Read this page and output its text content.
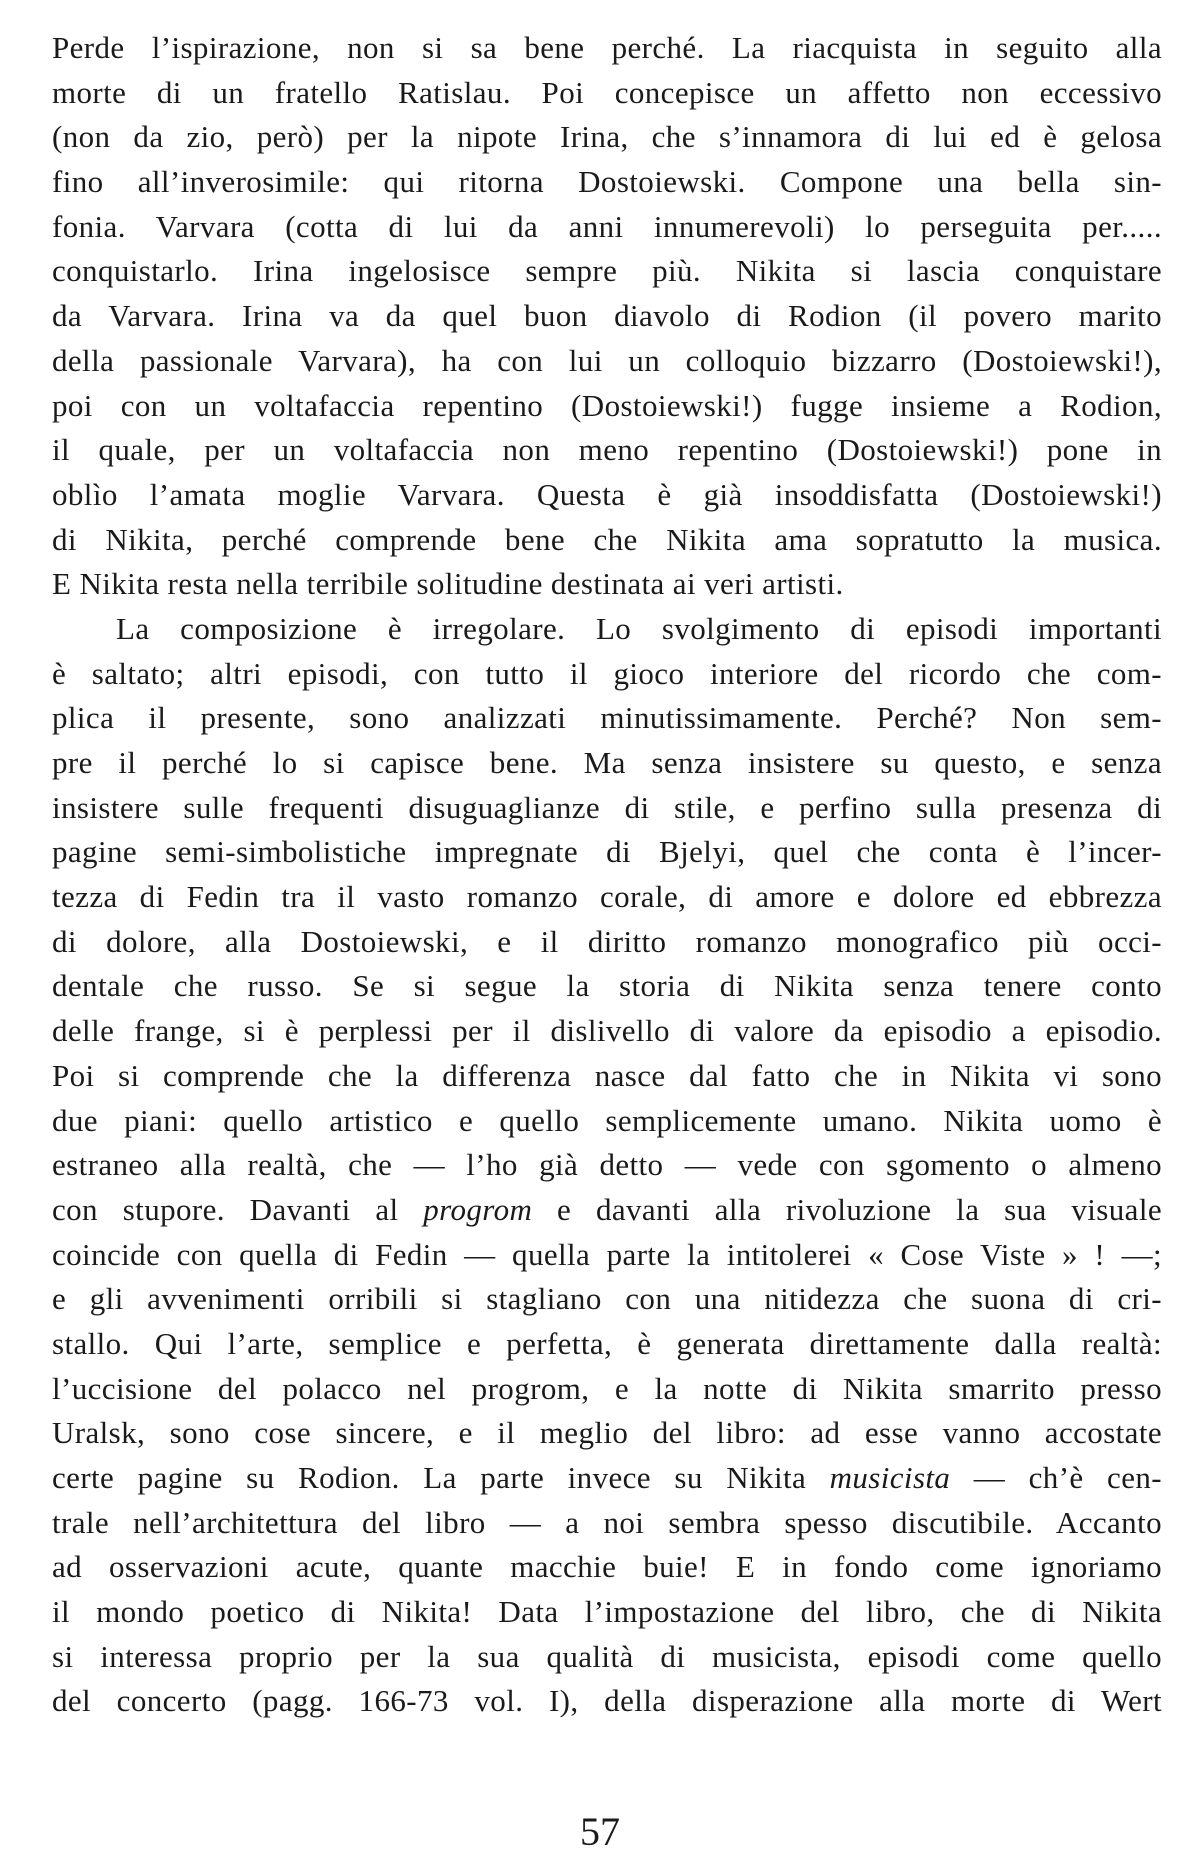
Perde l’ispirazione, non si sa bene perché. La riacquista in seguito alla
morte di un fratello Ratislau. Poi concepisce un affetto non eccessivo
(non da zio, però) per la nipote Irina, che s’innamora di lui ed è gelosa
fino all’inverosimile: qui ritorna Dostoiewski. Compone una bella sin-
fonia. Varvara (cotta di lui da anni innumerevoli) lo perseguita per.....
conquistarlo. Irina ingelosisce sempre più. Nikita si lascia conquistare
da Varvara. Irina va da quel buon diavolo di Rodion (il povero marito
della passionale Varvara), ha con lui un colloquio bizzarro (Dostoiewski!),
poi con un voltafaccia repentino (Dostoiewski!) fugge insieme a Rodion,
il quale, per un voltafaccia non meno repentino (Dostoiewski!) pone in
oblìo l’amata moglie Varvara. Questa è già insoddisfatta (Dostoiewski!)
di Nikita, perché comprende bene che Nikita ama sopratutto la musica.
E Nikita resta nella terribile solitudine destinata ai veri artisti.
La composizione è irregolare. Lo svolgimento di episodi importanti
è saltato; altri episodi, con tutto il gioco interiore del ricordo che com-
plica il presente, sono analizzati minutissimamente. Perché? Non sem-
pre il perché lo si capisce bene. Ma senza insistere su questo, e senza
insistere sulle frequenti disuguaglianze di stile, e perfino sulla presenza di
pagine semi-simbolistiche impregnate di Bjelyi, quel che conta è l’incer-
tezza di Fedin tra il vasto romanzo corale, di amore e dolore ed ebbrezza
di dolore, alla Dostoiewski, e il diritto romanzo monografico più occi-
dentale che russo. Se si segue la storia di Nikita senza tenere conto
delle frange, si è perplessi per il dislivello di valore da episodio a episodio.
Poi si comprende che la differenza nasce dal fatto che in Nikita vi sono
due piani: quello artistico e quello semplicemente umano. Nikita uomo è
estraneo alla realtà, che — l’ho già detto — vede con sgomento o almeno
con stupore. Davanti al progrom e davanti alla rivoluzione la sua visuale
coincide con quella di Fedin — quella parte la intitolerei « Cose Viste » ! —;
e gli avvenimenti orribili si stagliano con una nitidezza che suona di cri-
stallo. Qui l’arte, semplice e perfetta, è generata direttamente dalla realtà:
l’uccisione del polacco nel progrom, e la notte di Nikita smarrito presso
Uralsk, sono cose sincere, e il meglio del libro: ad esse vanno accostate
certe pagine su Rodion. La parte invece su Nikita musicista — ch’è cen-
trale nell’architettura del libro — a noi sembra spesso discutibile. Accanto
ad osservazioni acute, quante macchie buie! E in fondo come ignoriamo
il mondo poetico di Nikita! Data l’impostazione del libro, che di Nikita
si interessa proprio per la sua qualità di musicista, episodi come quello
del concerto (pagg. 166-73 vol. I), della disperazione alla morte di Wert
57
